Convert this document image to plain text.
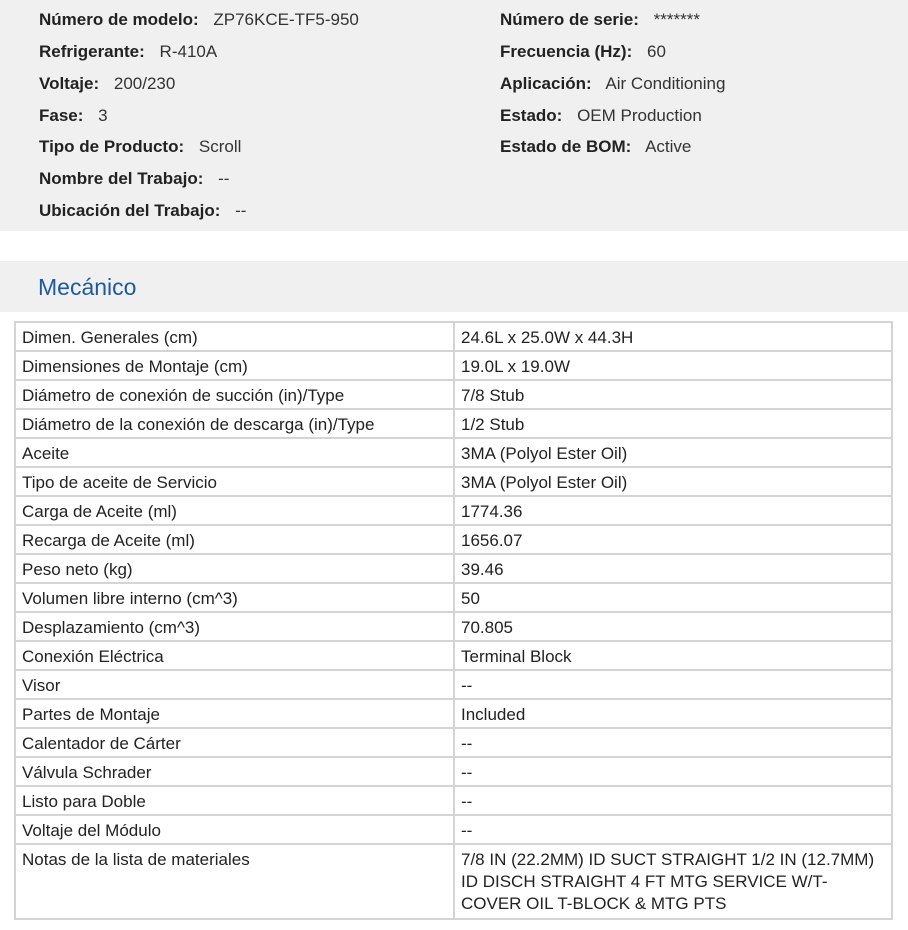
Número de modelo: ZP76KCE-TF5-950
Refrigerante: R-410A
Voltaje: 200/230
Fase: 3
Tipo de Producto: Scroll
Nombre del Trabajo: --
Ubicación del Trabajo: --
Número de serie: *******
Frecuencia (Hz): 60
Aplicación: Air Conditioning
Estado: OEM Production
Estado de BOM: Active
Mecánico
Dimen. Generales (cm)	24.6L x 25.0W x 44.3H
Dimensiones de Montaje (cm)	19.0L x 19.0W
Diámetro de conexión de succión (in)/Type	7/8 Stub
Diámetro de la conexión de descarga (in)/Type	1/2 Stub
Aceite	3MA (Polyol Ester Oil)
Tipo de aceite de Servicio	3MA (Polyol Ester Oil)
Carga de Aceite (ml)	1774.36
Recarga de Aceite (ml)	1656.07
Peso neto (kg)	39.46
Volumen libre interno (cm^3)	50
Desplazamiento (cm^3)	70.805
Conexión Eléctrica	Terminal Block
Visor	--
Partes de Montaje	Included
Calentador de Cárter	--
Válvula Schrader	--
Listo para Doble	--
Voltaje del Módulo	--
Notas de la lista de materiales	7/8 IN (22.2MM) ID SUCT STRAIGHT 1/2 IN (12.7MM) ID DISCH STRAIGHT 4 FT MTG SERVICE W/T-COVER OIL T-BLOCK & MTG PTS
